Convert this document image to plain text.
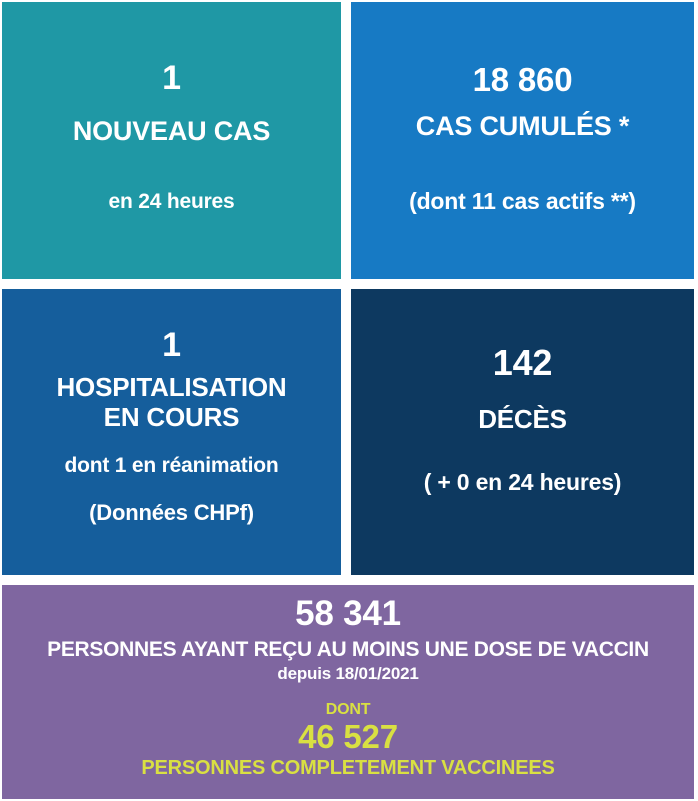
1
NOUVEAU CAS
en 24 heures
18 860
CAS CUMULÉS *
(dont 11 cas actifs **)
1
HOSPITALISATION
EN COURS
dont 1 en réanimation
(Données CHPf)
142
DÉCÈS
( + 0 en 24 heures)
58 341
PERSONNES AYANT REÇU AU MOINS UNE DOSE DE VACCIN
depuis 18/01/2021
DONT
46 527
PERSONNES COMPLETEMENT VACCINEES
